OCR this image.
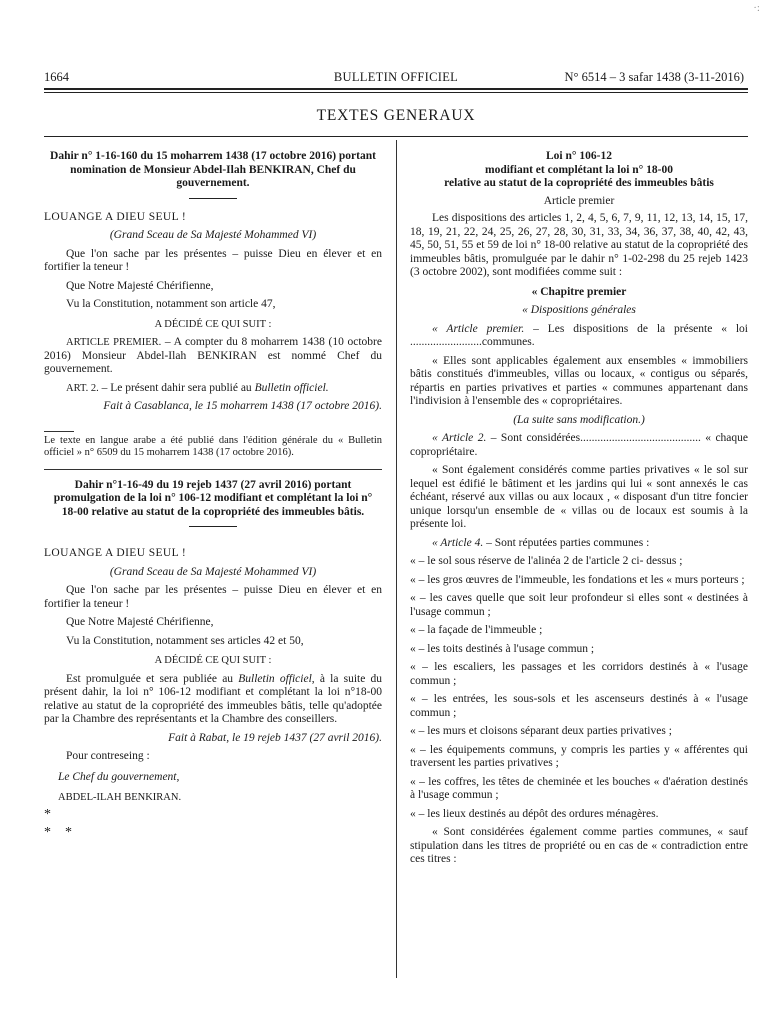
·:
1664	BULLETIN OFFICIEL	N° 6514 – 3 safar 1438 (3-11-2016)
TEXTES GENERAUX

Dahir n° 1-16-160 du 15 moharrem 1438 (17 octobre 2016) portant nomination de Monsieur Abdel-Ilah BENKIRAN, Chef du gouvernement.

LOUANGE A DIEU SEUL !

(Grand Sceau de Sa Majesté Mohammed VI)

Que l'on sache par les présentes – puisse Dieu en élever et en fortifier la teneur !

Que Notre Majesté Chérifienne,

Vu la Constitution, notamment son article 47,

A DÉCIDÉ CE QUI SUIT :

ARTICLE PREMIER. – A compter du 8 moharrem 1438 (10 octobre 2016) Monsieur Abdel-Ilah BENKIRAN est nommé Chef du gouvernement.

ART. 2. – Le présent dahir sera publié au Bulletin officiel.

Fait à Casablanca, le 15 moharrem 1438 (17 octobre 2016).

Le texte en langue arabe a été publié dans l'édition générale du « Bulletin officiel » n° 6509 du 15 moharrem 1438 (17 octobre 2016).

Dahir n°1-16-49 du 19 rejeb 1437 (27 avril 2016) portant promulgation de la loi n° 106-12 modifiant et complétant la loi n° 18-00 relative au statut de la copropriété des immeubles bâtis.

LOUANGE A DIEU SEUL !

(Grand Sceau de Sa Majesté Mohammed VI)

Que l'on sache par les présentes – puisse Dieu en élever et en fortifier la teneur !

Que Notre Majesté Chérifienne,

Vu la Constitution, notamment ses articles 42 et 50,

A DÉCIDÉ CE QUI SUIT :

Est promulguée et sera publiée au Bulletin officiel, à la suite du présent dahir, la loi n° 106-12 modifiant et complétant la loi n°18-00 relative au statut de la copropriété des immeubles bâtis, telle qu'adoptée par la Chambre des représentants et la Chambre des conseillers.

Fait à Rabat, le 19 rejeb 1437 (27 avril 2016).

Pour contreseing :

Le Chef du gouvernement,

ABDEL-ILAH BENKIRAN.

*

*    *

Loi n° 106-12

modifiant et complétant la loi n° 18-00

relative au statut de la copropriété des immeubles bâtis

Article premier

Les dispositions des articles 1, 2, 4, 5, 6, 7, 9, 11, 12, 13, 14, 15, 17, 18, 19, 21, 22, 24, 25, 26, 27, 28, 30, 31, 33, 34, 36, 37, 38, 40, 42, 43, 45, 50, 51, 55 et 59 de loi n° 18-00 relative au statut de la copropriété des immeubles bâtis, promulguée par le dahir n° 1-02-298 du 25 rejeb 1423 (3 octobre 2002), sont modifiées comme suit :

« Chapitre premier

« Dispositions générales

« Article premier. – Les dispositions de la présente « loi .........................communes.

« Elles sont applicables également aux ensembles « immobiliers bâtis constitués d'immeubles, villas ou locaux, « contigus ou séparés, répartis en parties privatives et parties « communes appartenant dans l'indivision à l'ensemble des « copropriétaires.

(La suite sans modification.)

« Article 2. – Sont considérées.......................................... « chaque copropriétaire.

« Sont également considérés comme parties privatives « le sol sur lequel est édifié le bâtiment et les jardins qui lui « sont annexés le cas échéant, réservé aux villas ou aux locaux , « disposant d'un titre foncier unique lorsqu'un ensemble de « villas ou de locaux est soumis à la présente loi.

« Article 4. – Sont réputées parties communes :

« – le sol sous réserve de l'alinéa 2 de l'article 2 ci- dessus ;

« – les gros œuvres de l'immeuble, les fondations et les « murs porteurs ;

« – les caves quelle que soit leur profondeur si elles sont « destinées à l'usage commun ;

« – la façade de l'immeuble ;

« – les toits destinés à l'usage commun ;

« – les escaliers, les passages et les corridors destinés à « l'usage commun ;

« – les entrées, les sous-sols et les ascenseurs destinés à « l'usage commun ;

« – les murs et cloisons séparant deux parties privatives ;

« – les équipements communs, y compris les parties y « afférentes qui traversent les parties privatives ;

« – les coffres, les têtes de cheminée et les bouches « d'aération destinés à l'usage commun ;

« – les lieux destinés au dépôt des ordures ménagères.

« Sont considérées également comme parties communes, « sauf stipulation dans les titres de propriété ou en cas de « contradiction entre ces titres :
